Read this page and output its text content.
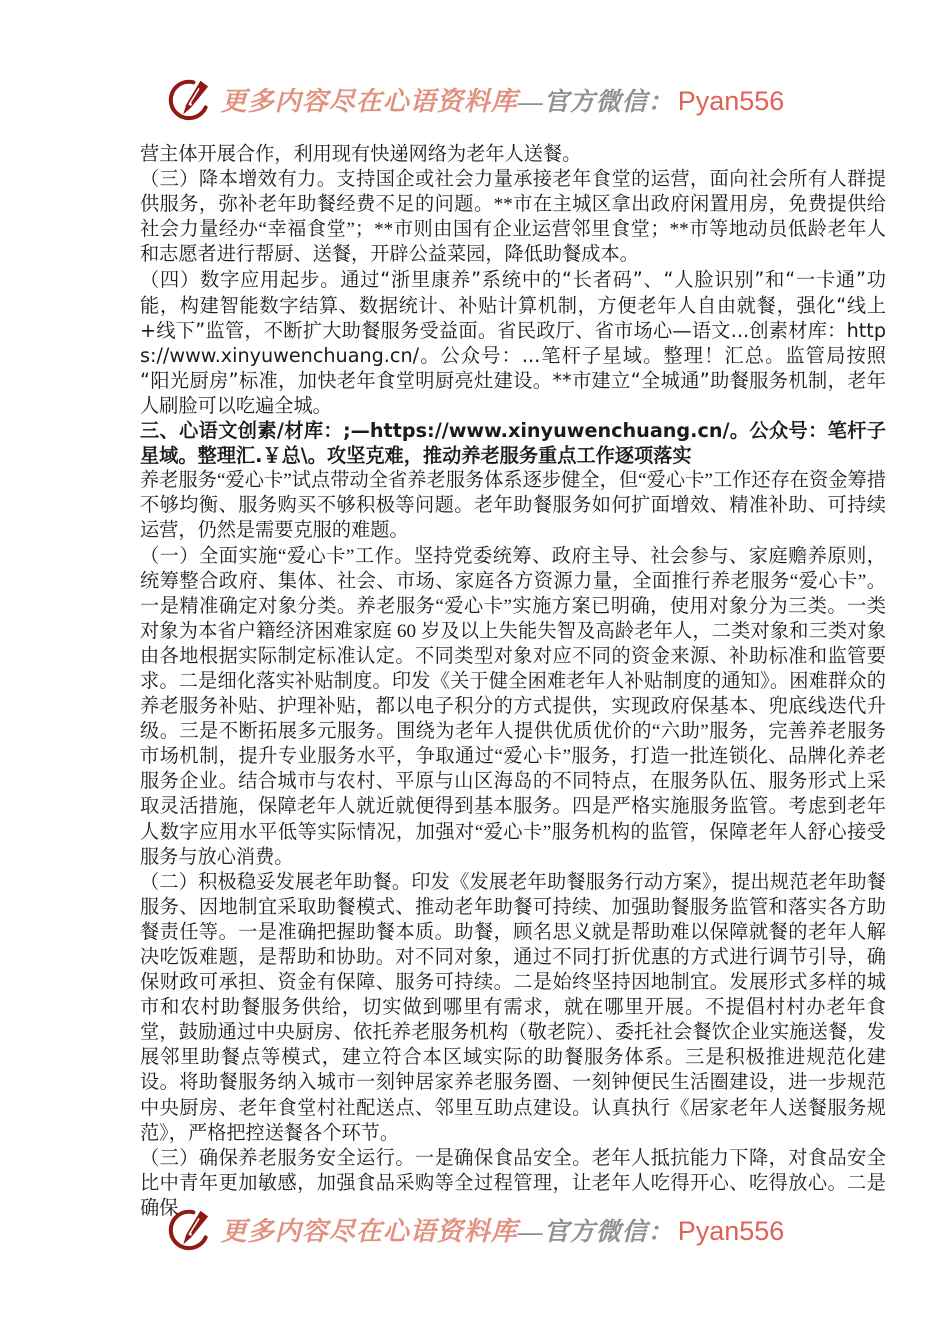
更多内容尽在心语资料库—官方微信： Pyan556

营主体开展合作，利用现有快递网络为老年人送餐。

（三）降本增效有力。支持国企或社会力量承接老年食堂的运营，面向社会所有人群提供服务，弥补老年助餐经费不足的问题。**市在主城区拿出政府闲置用房，免费提供给社会力量经办“幸福食堂”；**市则由国有企业运营邻里食堂；**市等地动员低龄老年人和志愿者进行帮厨、送餐，开辟公益菜园，降低助餐成本。

（四）数字应用起步。通过“浙里康养”系统中的“长者码”、“人脸识别”和“一卡通”功能，构建智能数字结算、数据统计、补贴计算机制，方便老年人自由就餐，强化“线上+线下”监管，不断扩大助餐服务受益面。省民政厅、省市场心—语文...创素材库：https://www.xinyuwenchuang.cn/。公众号：...笔杆子星域。整理！汇总。监管局按照“阳光厨房”标准，加快老年食堂明厨亮灶建设。**市建立“全城通”助餐服务机制，老年人刷脸可以吃遍全城。

三、心语文创素/材库：;—https://www.xinyuwenchuang.cn/。公众号：笔杆子星域。整理汇.￥总\。攻坚克难，推动养老服务重点工作逐项落实

养老服务“爱心卡”试点带动全省养老服务体系逐步健全，但“爱心卡”工作还存在资金筹措不够均衡、服务购买不够积极等问题。老年助餐服务如何扩面增效、精准补助、可持续运营，仍然是需要克服的难题。

（一）全面实施“爱心卡”工作。坚持党委统筹、政府主导、社会参与、家庭赡养原则，统筹整合政府、集体、社会、市场、家庭各方资源力量，全面推行养老服务“爱心卡”。一是精准确定对象分类。养老服务“爱心卡”实施方案已明确，使用对象分为三类。一类对象为本省户籍经济困难家庭 60 岁及以上失能失智及高龄老年人，二类对象和三类对象由各地根据实际制定标准认定。不同类型对象对应不同的资金来源、补助标准和监管要求。二是细化落实补贴制度。印发《关于健全困难老年人补贴制度的通知》。困难群众的养老服务补贴、护理补贴，都以电子积分的方式提供，实现政府保基本、兜底线迭代升级。三是不断拓展多元服务。围绕为老年人提供优质优价的“六助”服务，完善养老服务市场机制，提升专业服务水平，争取通过“爱心卡”服务，打造一批连锁化、品牌化养老服务企业。结合城市与农村、平原与山区海岛的不同特点，在服务队伍、服务形式上采取灵活措施，保障老年人就近就便得到基本服务。四是严格实施服务监管。考虑到老年人数字应用水平低等实际情况，加强对“爱心卡”服务机构的监管，保障老年人舒心接受服务与放心消费。

（二）积极稳妥发展老年助餐。印发《发展老年助餐服务行动方案》，提出规范老年助餐服务、因地制宜采取助餐模式、推动老年助餐可持续、加强助餐服务监管和落实各方助餐责任等。一是准确把握助餐本质。助餐，顾名思义就是帮助难以保障就餐的老年人解决吃饭难题，是帮助和协助。对不同对象，通过不同打折优惠的方式进行调节引导，确保财政可承担、资金有保障、服务可持续。二是始终坚持因地制宜。发展形式多样的城市和农村助餐服务供给，切实做到哪里有需求，就在哪里开展。不提倡村村办老年食堂，鼓励通过中央厨房、依托养老服务机构（敬老院）、委托社会餐饮企业实施送餐，发展邻里助餐点等模式，建立符合本区域实际的助餐服务体系。三是积极推进规范化建设。将助餐服务纳入城市一刻钟居家养老服务圈、一刻钟便民生活圈建设，进一步规范中央厨房、老年食堂村社配送点、邻里互助点建设。认真执行《居家老年人送餐服务规范》，严格把控送餐各个环节。

（三）确保养老服务安全运行。一是确保食品安全。老年人抵抗能力下降，对食品安全比中青年更加敏感，加强食品采购等全过程管理，让老年人吃得开心、吃得放心。二是确保

更多内容尽在心语资料库—官方微信： Pyan556
